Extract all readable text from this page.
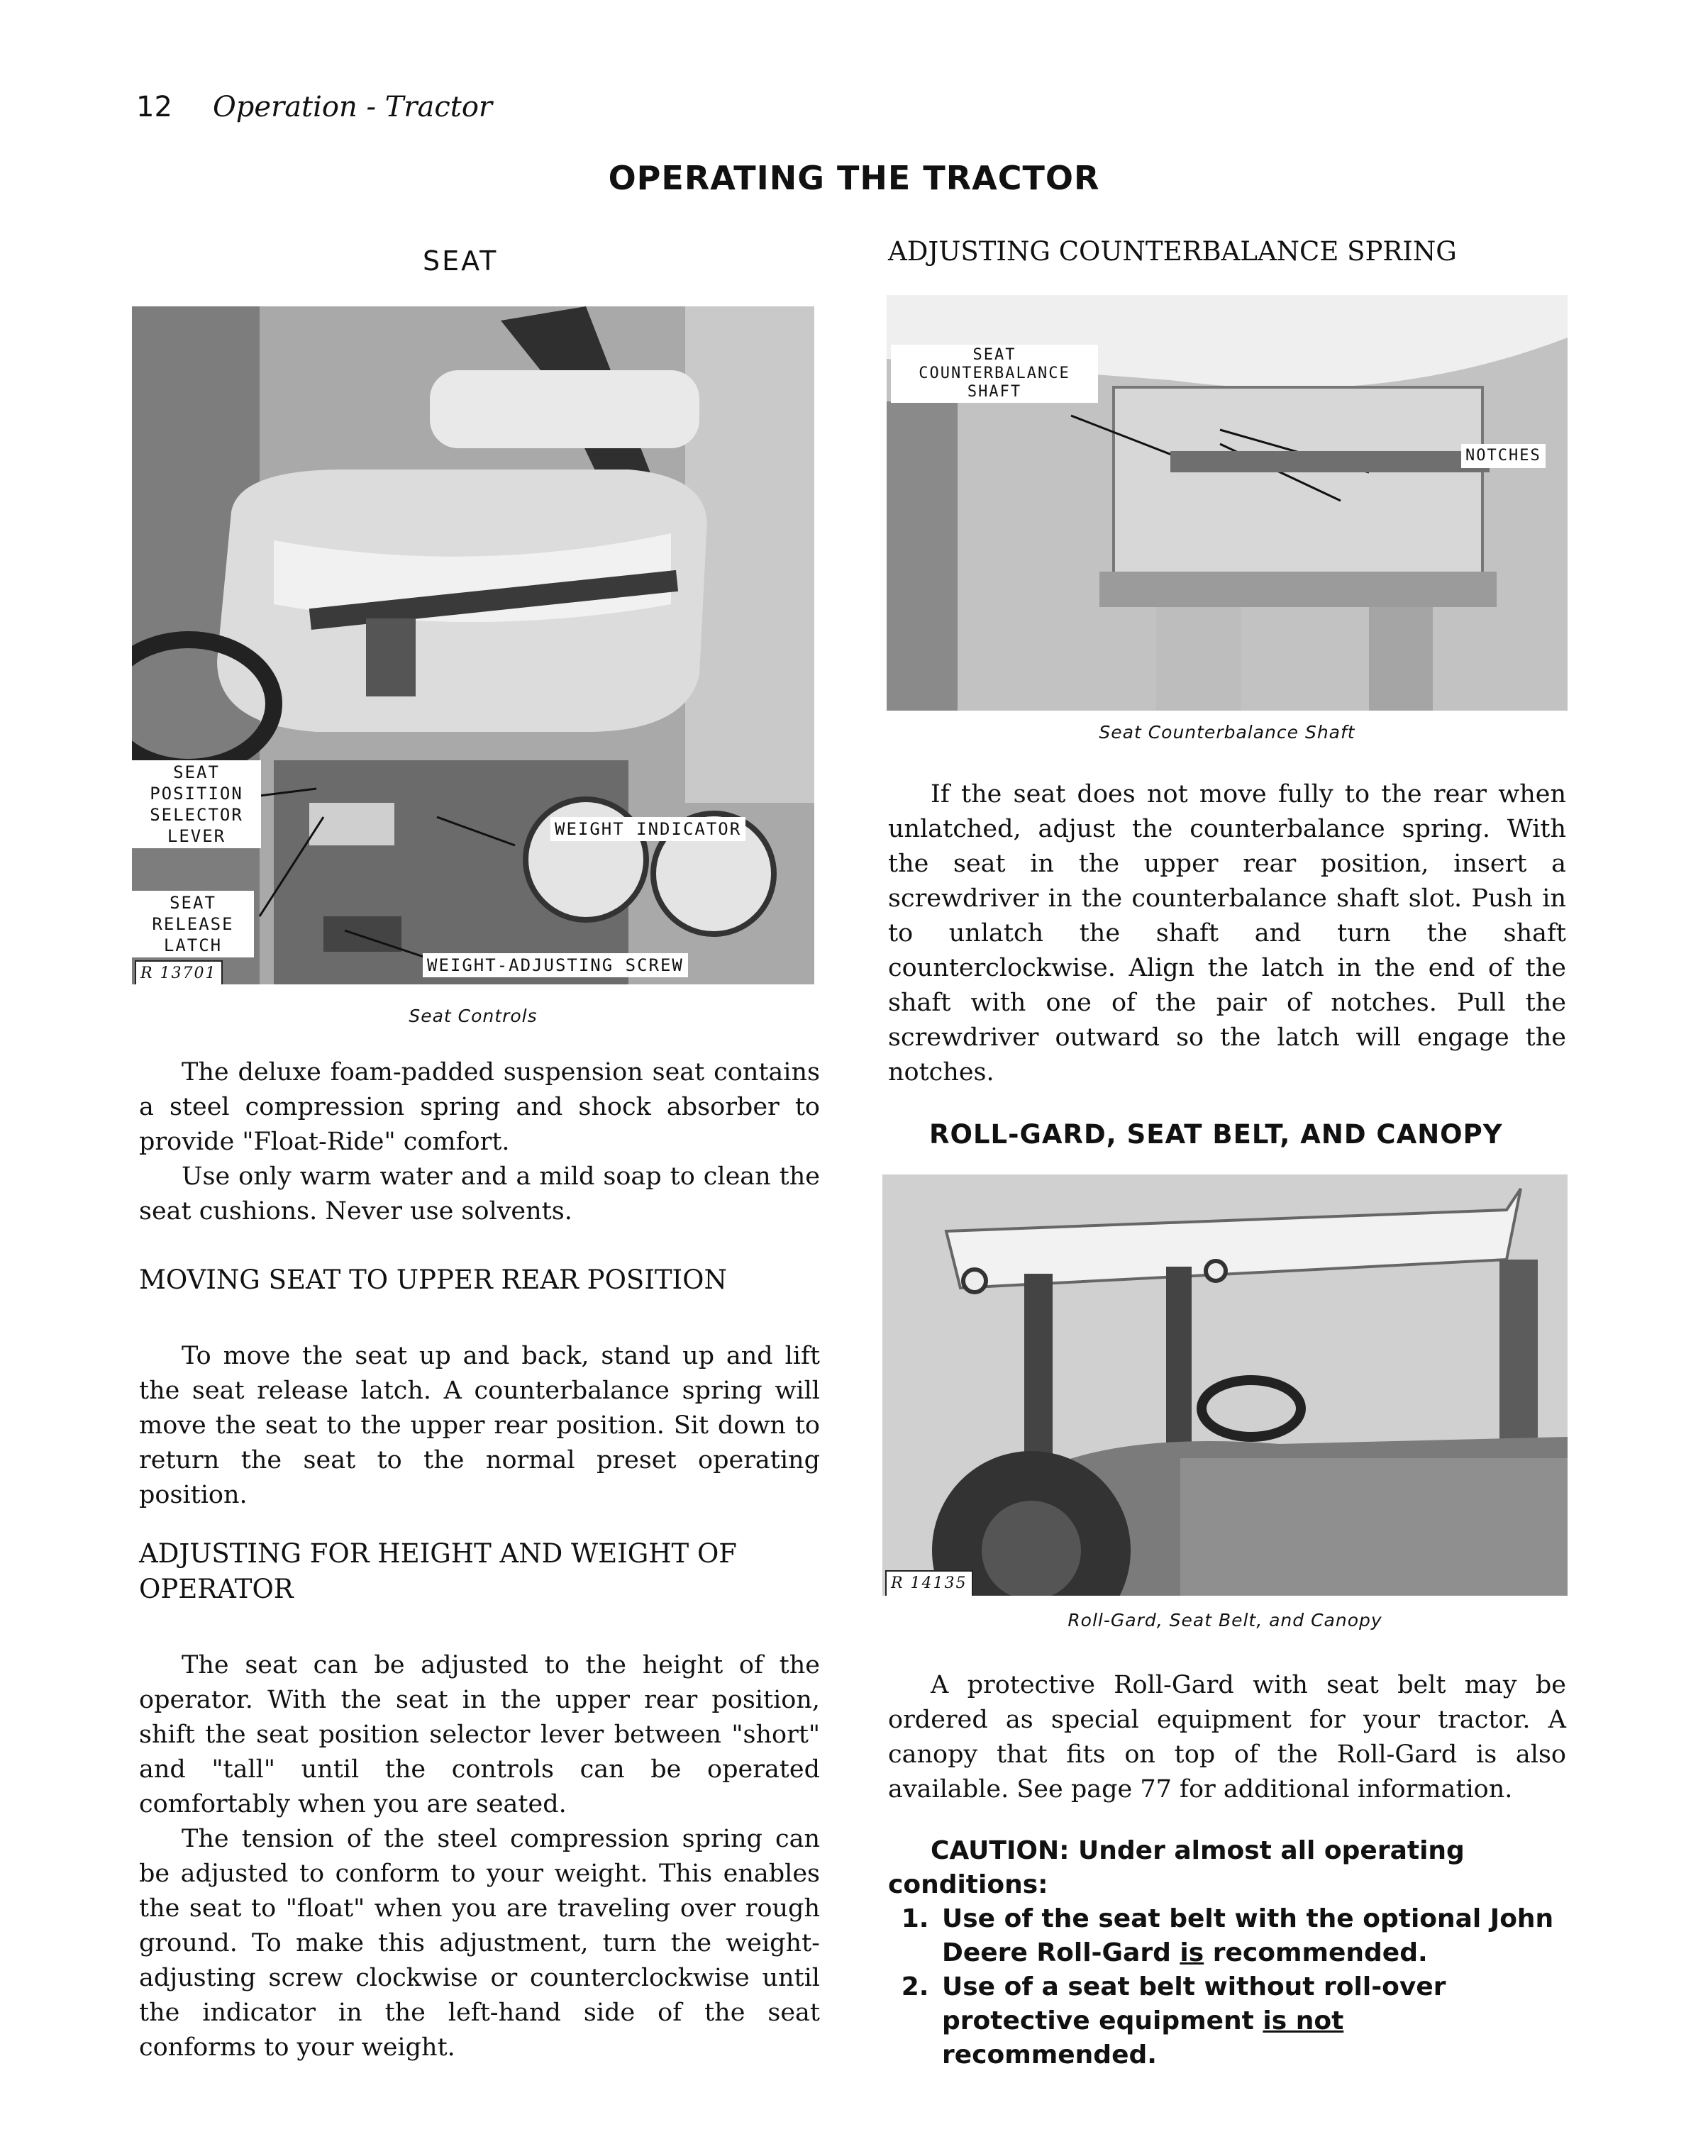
12 Operation - Tractor
OPERATING THE TRACTOR
SEAT
SEAT
POSITION
SELECTOR
LEVER	WEIGHT INDICATOR
SEAT
RELEASE
LATCH
WEIGHT-ADJUSTING SCREW
R 13701
Seat Controls

The deluxe foam-padded suspension seat contains a steel compression spring and shock absorber to provide "Float-Ride" comfort.

Use only warm water and a mild soap to clean the seat cushions. Never use solvents.

MOVING SEAT TO UPPER REAR POSITION

To move the seat up and back, stand up and lift the seat release latch. A counterbalance spring will move the seat to the upper rear position. Sit down to return the seat to the normal preset operating position.

ADJUSTING FOR HEIGHT AND WEIGHT OF OPERATOR

The seat can be adjusted to the height of the operator. With the seat in the upper rear position, shift the seat position selector lever between "short" and "tall" until the controls can be operated comfortably when you are seated.

The tension of the steel compression spring can be adjusted to conform to your weight. This enables the seat to "float" when you are traveling over rough ground. To make this adjustment, turn the weight-adjusting screw clockwise or counterclockwise until the indicator in the left-hand side of the seat conforms to your weight.

ADJUSTING COUNTERBALANCE SPRING
SEAT
COUNTERBALANCE
SHAFT
NOTCHES
Seat Counterbalance Shaft

If the seat does not move fully to the rear when unlatched, adjust the counterbalance spring. With the seat in the upper rear position, insert a screwdriver in the counterbalance shaft slot. Push in to unlatch the shaft and turn the shaft counterclockwise. Align the latch in the end of the shaft with one of the pair of notches. Pull the screwdriver outward so the latch will engage the notches.

ROLL-GARD, SEAT BELT, AND CANOPY
R 14135
Roll-Gard, Seat Belt, and Canopy

A protective Roll-Gard with seat belt may be ordered as special equipment for your tractor. A canopy that fits on top of the Roll-Gard is also available. See page 77 for additional information.

CAUTION: Under almost all operating conditions:
1. Use of the seat belt with the optional John Deere Roll-Gard is recommended.
2. Use of a seat belt without roll-over protective equipment is not recommended.
